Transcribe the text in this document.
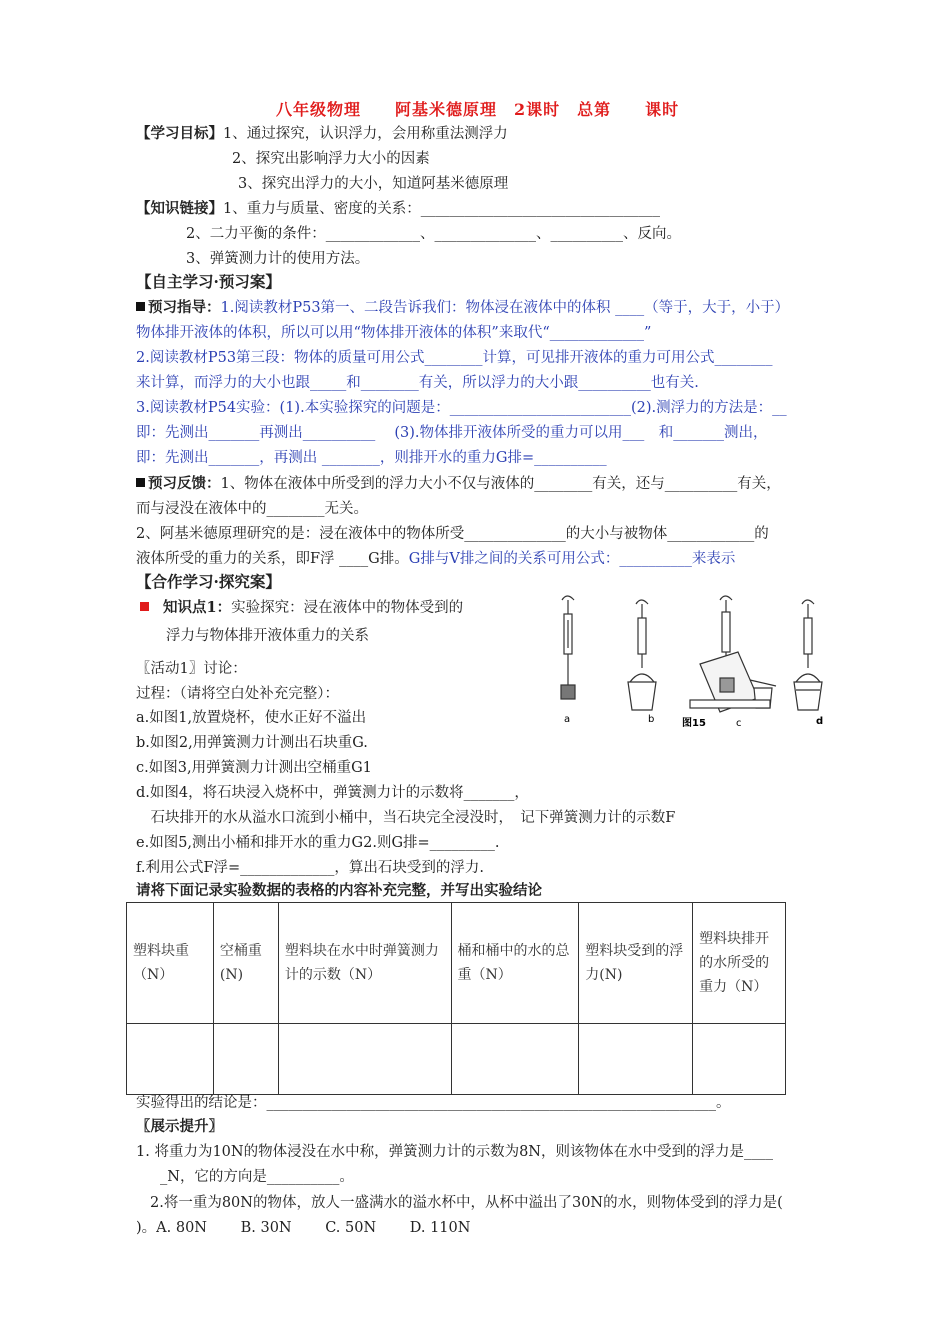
八年级物理　　阿基米德原理　2课时　总第　　课时
【学习目标】1、通过探究，认识浮力，会用称重法测浮力
2、探究出影响浮力大小的因素
3、探究出浮力的大小，知道阿基米德原理
【知识链接】1、重力与质量、密度的关系：_________________________________
2、二力平衡的条件：_____________、______________、__________、反向。
3、弹簧测力计的使用方法。
【自主学习·预习案】
预习指导：1.阅读教材P53第一、二段告诉我们：物体浸在液体中的体积 ____（等于，大于，小于）
物体排开液体的体积，所以可以用“物体排开液体的体积”来取代“_____________”
2.阅读教材P53第三段：物体的质量可用公式________计算，可见排开液体的重力可用公式________
来计算，而浮力的大小也跟_____和________有关，所以浮力的大小跟__________也有关.
3.阅读教材P54实验：(1).本实验探究的问题是：_________________________(2).测浮力的方法是：__
即：先测出_______再测出__________　 (3).物体排开液体所受的重力可以用___　和_______测出，
即：先测出_______，再测出 ________，则排开水的重力G排=__________
预习反馈：1、物体在液体中所受到的浮力大小不仅与液体的________有关，还与__________有关，
而与浸没在液体中的________无关。
2、阿基米德原理研究的是：浸在液体中的物体所受______________的大小与被物体____________的
液体所受的重力的关系，即F浮 ____G排。G排与V排之间的关系可用公式：__________来表示
【合作学习·探究案】
知识点1：实验探究：浸在液体中的物体受到的
浮力与物体排开液体重力的关系
〖活动1〗讨论：
过程：（请将空白处补充完整）：
a.如图1,放置烧杯，使水正好不溢出
b.如图2,用弹簧测力计测出石块重G.
c.如图3,用弹簧测力计测出空桶重G1
d.如图4，将石块浸入烧杯中，弹簧测力计的示数将_______，
　石块排开的水从溢水口流到小桶中，当石块完全浸没时，　记下弹簧测力计的示数F
e.如图5,测出小桶和排开水的重力G2.则G排=_________.
f.利用公式F浮=_____________，算出石块受到的浮力.
a	b	c	d
图15
请将下面记录实验数据的表格的内容补充完整，并写出实验结论
塑料块重（N）	空桶重(N)	塑料块在水中时弹簧测力计的示数（N）	桶和桶中的水的总重（N）	塑料块受到的浮力(N)	塑料块排开的水所受的重力（N）

实验得出的结论是：______________________________________________________________。
〖展示提升〗
1. 将重力为10N的物体浸没在水中称，弹簧测力计的示数为8N，则该物体在水中受到的浮力是____
_N，它的方向是__________。
2.将一重为80N的物体，放人一盛满水的溢水杯中，从杯中溢出了30N的水，则物体受到的浮力是(
)。A. 80N　　 B. 30N　　 C. 50N　　 D. 110N
